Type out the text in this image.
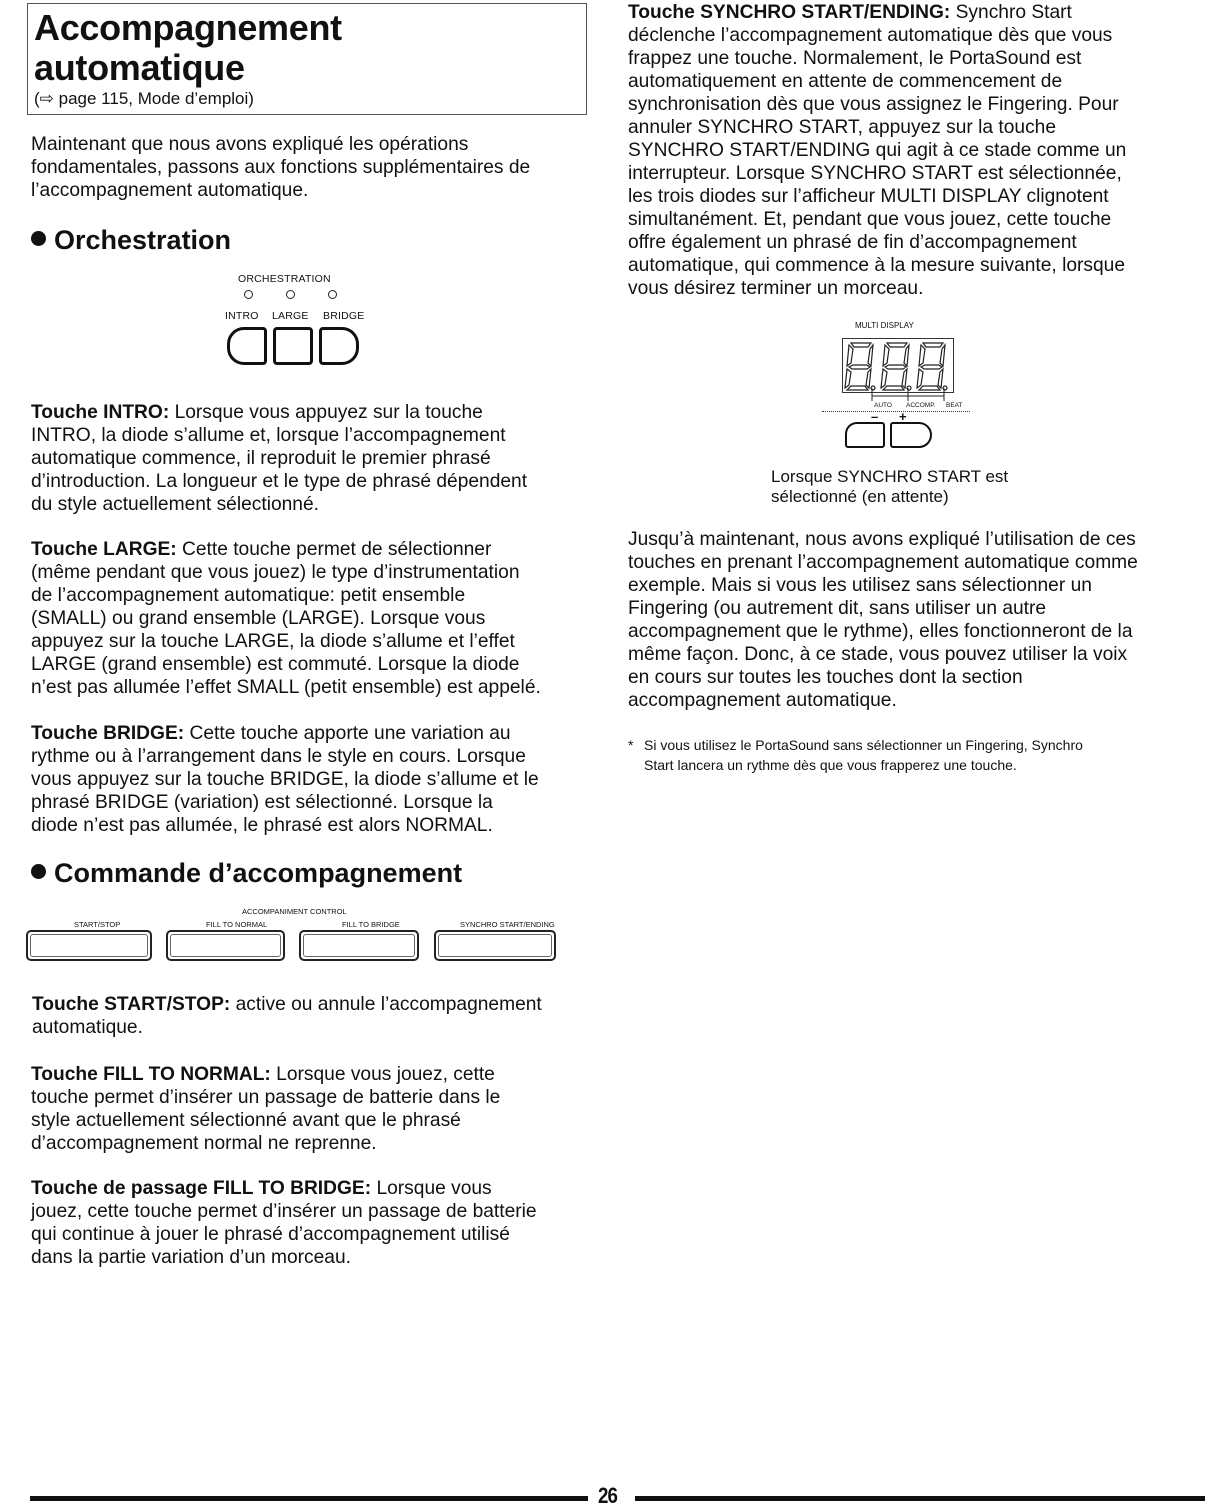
Accompagnement
automatique
(⇨ page 115, Mode d’emploi)
Maintenant que nous avons expliqué les opérations
fondamentales, passons aux fonctions supplémentaires de
l’accompagnement automatique.
Orchestration
ORCHESTRATION
INTRO LARGE BRIDGE
Touche INTRO: Lorsque vous appuyez sur la touche
INTRO, la diode s’allume et, lorsque l’accompagnement
automatique commence, il reproduit le premier phrasé
d’introduction. La longueur et le type de phrasé dépendent
du style actuellement sélectionné.
Touche LARGE: Cette touche permet de sélectionner
(même pendant que vous jouez) le type d’instrumentation
de l’accompagnement automatique: petit ensemble
(SMALL) ou grand ensemble (LARGE). Lorsque vous
appuyez sur la touche LARGE, la diode s’allume et l’effet
LARGE (grand ensemble) est commuté. Lorsque la diode
n’est pas allumée l’effet SMALL (petit ensemble) est appelé.
Touche BRIDGE: Cette touche apporte une variation au
rythme ou à l’arrangement dans le style en cours. Lorsque
vous appuyez sur la touche BRIDGE, la diode s’allume et le
phrasé BRIDGE (variation) est sélectionné. Lorsque la
diode n’est pas allumée, le phrasé est alors NORMAL.
Commande d’accompagnement
ACCOMPANIMENT CONTROL
START/STOP	FILL TO NORMAL	FILL TO BRIDGE	SYNCHRO START/ENDING
Touche START/STOP: active ou annule l’accompagnement
automatique.
Touche FILL TO NORMAL: Lorsque vous jouez, cette
touche permet d’insérer un passage de batterie dans le
style actuellement sélectionné avant que le phrasé
d’accompagnement normal ne reprenne.
Touche de passage FILL TO BRIDGE: Lorsque vous
jouez, cette touche permet d’insérer un passage de batterie
qui continue à jouer le phrasé d’accompagnement utilisé
dans la partie variation d’un morceau.
Touche SYNCHRO START/ENDING: Synchro Start
déclenche l’accompagnement automatique dès que vous
frappez une touche. Normalement, le PortaSound est
automatiquement en attente de commencement de
synchronisation dès que vous assignez le Fingering. Pour
annuler SYNCHRO START, appuyez sur la touche
SYNCHRO START/ENDING qui agit à ce stade comme un
interrupteur. Lorsque SYNCHRO START est sélectionnée,
les trois diodes sur l’afficheur MULTI DISPLAY clignotent
simultanément. Et, pendant que vous jouez, cette touche
offre également un phrasé de fin d’accompagnement
automatique, qui commence à la mesure suivante, lorsque
vous désirez terminer un morceau.
MULTI DISPLAY
AUTO ACCOMP. BEAT
– +
Lorsque SYNCHRO START est
sélectionné (en attente)
Jusqu’à maintenant, nous avons expliqué l’utilisation de ces
touches en prenant l’accompagnement automatique comme
exemple. Mais si vous les utilisez sans sélectionner un
Fingering (ou autrement dit, sans utiliser un autre
accompagnement que le rythme), elles fonctionneront de la
même façon. Donc, à ce stade, vous pouvez utiliser la voix
en cours sur toutes les touches dont la section
accompagnement automatique.
* Si vous utilisez le PortaSound sans sélectionner un Fingering, Synchro
Start lancera un rythme dès que vous frapperez une touche.
26
